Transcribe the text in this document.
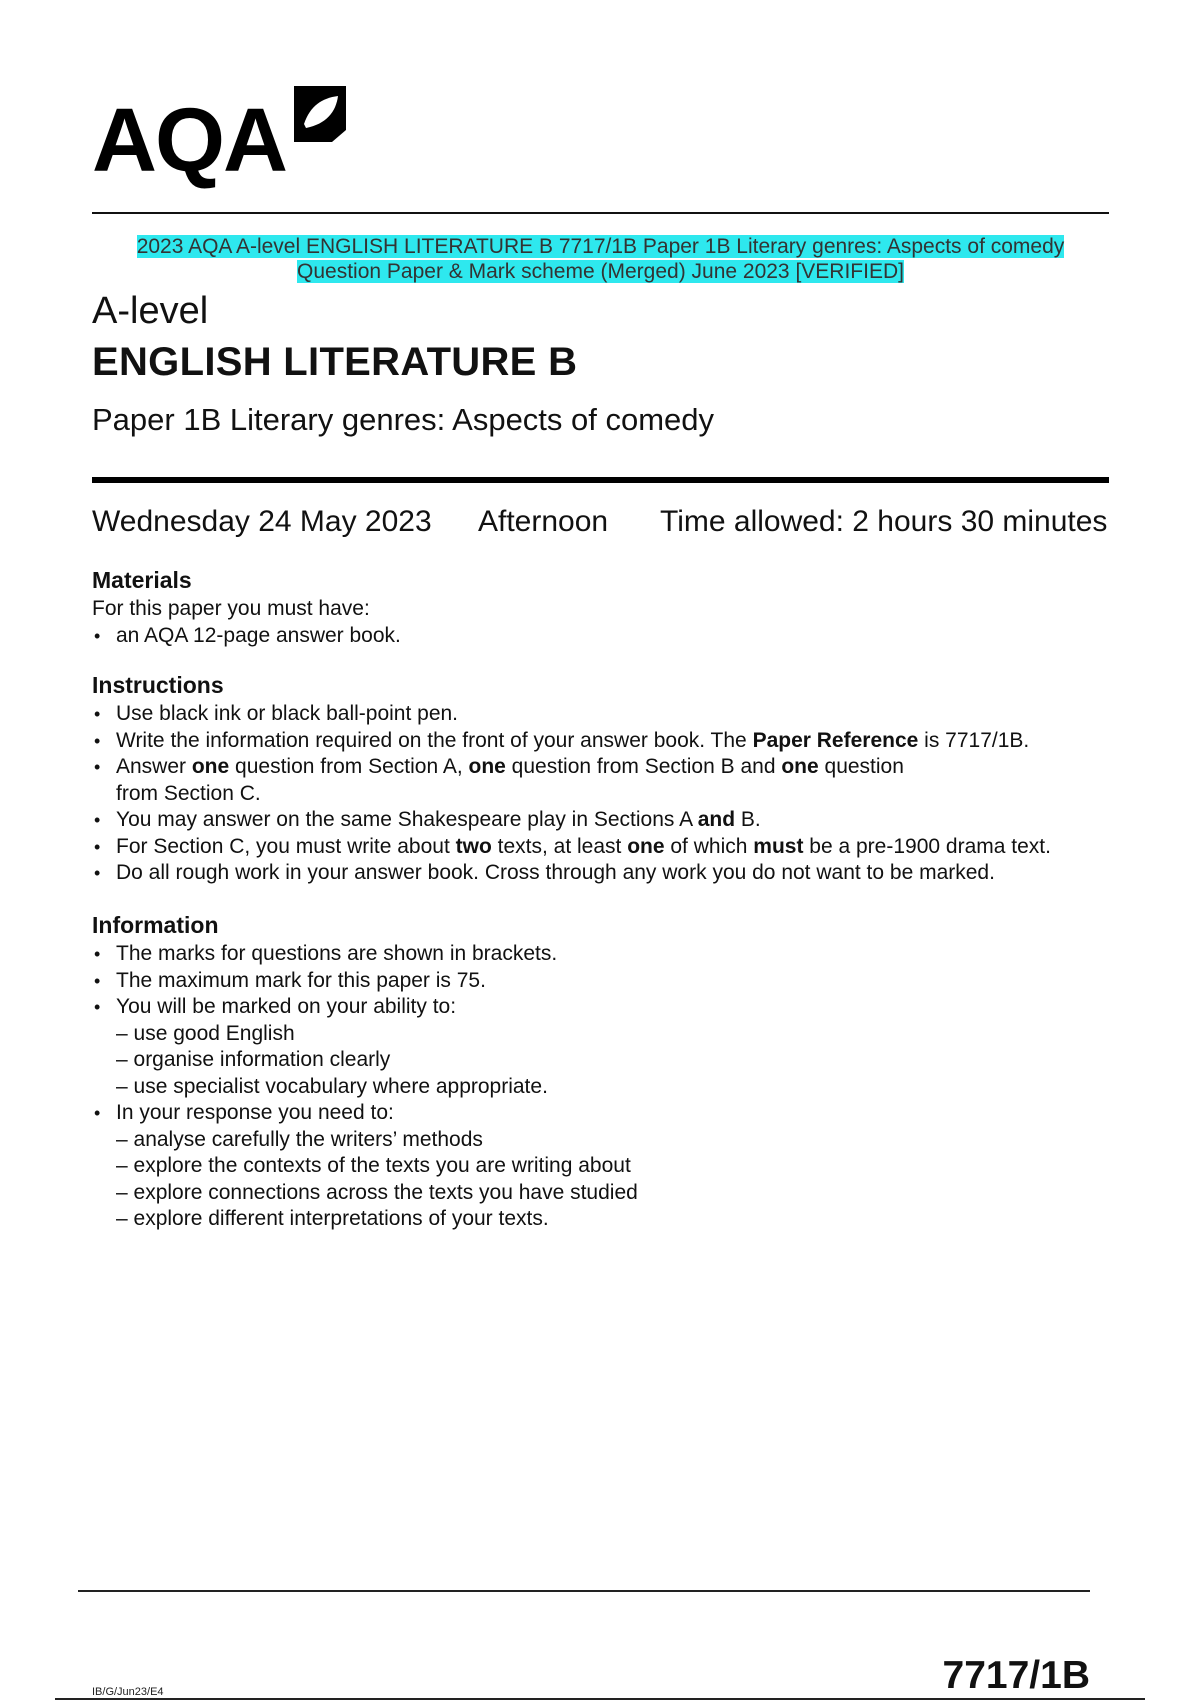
AQA
2023 AQA A-level ENGLISH LITERATURE B 7717/1B Paper 1B Literary genres: Aspects of comedy
Question Paper & Mark scheme (Merged) June 2023 [VERIFIED]
A-level
ENGLISH LITERATURE B
Paper 1B Literary genres: Aspects of comedy
Wednesday 24 May 2023 Afternoon Time allowed: 2 hours 30 minutes
Materials

For this paper you must have:

• an AQA 12-page answer book.
Instructions
• Use black ink or black ball-point pen.
• Write the information required on the front of your answer book. The Paper Reference is 7717/1B.
• Answer one question from Section A, one question from Section B and one question
from Section C.
• You may answer on the same Shakespeare play in Sections A and B.
• For Section C, you must write about two texts, at least one of which must be a pre-1900 drama text.
• Do all rough work in your answer book. Cross through any work you do not want to be marked.
Information
• The marks for questions are shown in brackets.
• The maximum mark for this paper is 75.
• You will be marked on your ability to:
– use good English
– organise information clearly
– use specialist vocabulary where appropriate.
• In your response you need to:
– analyse carefully the writers’ methods
– explore the contexts of the texts you are writing about
– explore connections across the texts you have studied
– explore different interpretations of your texts.
IB/G/Jun23/E4	7717/1B
